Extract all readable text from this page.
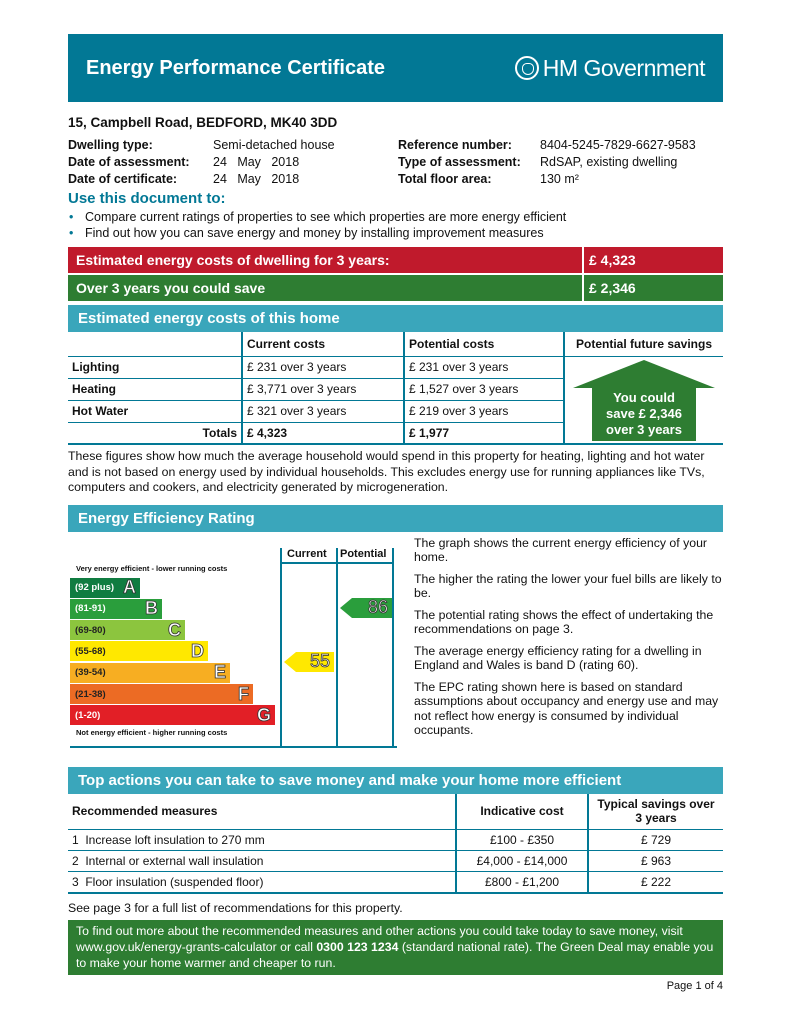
Energy Performance Certificate	HM Government
15, Campbell Road, BEDFORD, MK40 3DD
Dwelling type:	Semi-detached house	Reference number:	8404-5245-7829-6627-9583
Date of assessment:	24   May   2018	Type of assessment:	RdSAP, existing dwelling
Date of certificate:	24   May   2018	Total floor area:	130 m²
Use this document to:
• Compare current ratings of properties to see which properties are more energy efficient
• Find out how you can save energy and money by installing improvement measures
Estimated energy costs of dwelling for 3 years:	£ 4,323
Over 3 years you could save	£ 2,346
Estimated energy costs of this home
	Current costs	Potential costs	Potential future savings
Lighting	£ 231 over 3 years	£ 231 over 3 years	You could
save £ 2,346
over 3 years

Heating	£ 3,771 over 3 years	£ 1,527 over 3 years	
Hot Water	£ 321 over 3 years	£ 219 over 3 years	
Totals	£ 4,323	£ 1,977	
These figures show how much the average household would spend in this property for heating, lighting and hot water and is not based on energy used by individual households. This excludes energy use for running appliances like TVs, computers and cookers, and electricity generated by microgeneration.
Energy Efficiency Rating
Very energy efficient - lower running costs
(92 plus) A
(81-91) B
(69-80)	C
(55-68)	D
(39-54)	E
(21-38)	F
(1-20)	G
Not energy efficient - higher running costs
Current Potential
55
86

The graph shows the current energy efficiency of your home.

The higher the rating the lower your fuel bills are likely to be.

The potential rating shows the effect of undertaking the recommendations on page 3.

The average energy efficiency rating for a dwelling in England and Wales is band D (rating 60).

The EPC rating shown here is based on standard assumptions about occupancy and energy use and may not reflect how energy is consumed by individual occupants.

Top actions you can take to save money and make your home more efficient
Recommended measures	Indicative cost	Typical savings over 3 years
1  Increase loft insulation to 270 mm	£100 - £350	£ 729
2  Internal or external wall insulation	£4,000 - £14,000	£ 963
3  Floor insulation (suspended floor)	£800 - £1,200	£ 222
See page 3 for a full list of recommendations for this property.
To find out more about the recommended measures and other actions you could take today to save money, visit www.gov.uk/energy-grants-calculator or call 0300 123 1234 (standard national rate). The Green Deal may enable you to make your home warmer and cheaper to run.
Page 1 of 4
